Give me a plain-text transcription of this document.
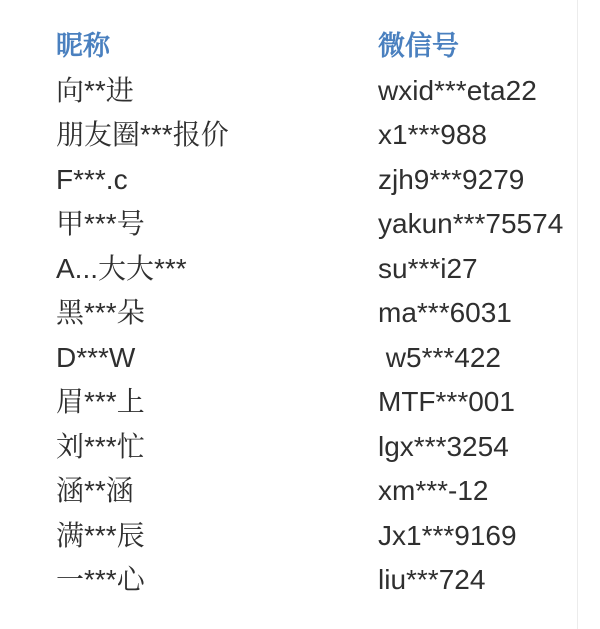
昵称	微信号
向**进	wxid***eta22
朋友圈***报价	x1***988
F***.c	zjh9***9279
甲***号	yakun***75574
A...大大***	su***i27
黑***朵	ma***6031
D***W	w5***422
眉***上	MTF***001
刘***忙	lgx***3254
涵**涵	xm***-12
满***辰	Jx1***9169
一***心	liu***724
